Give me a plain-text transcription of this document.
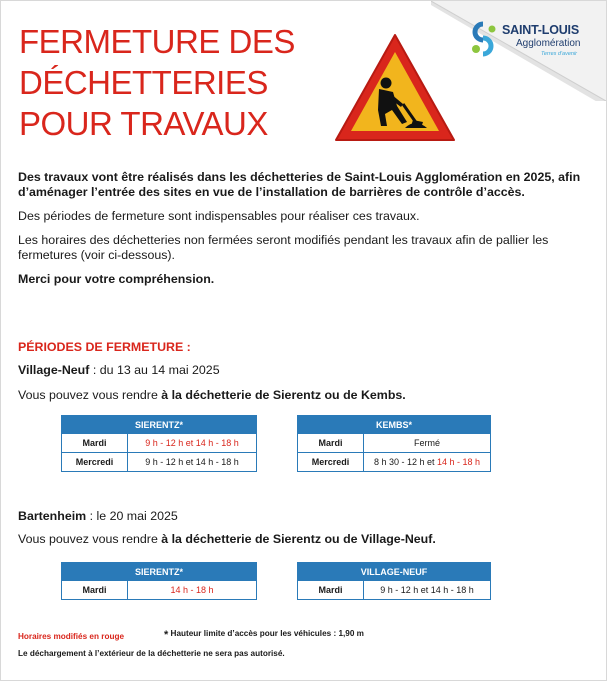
SAINT-LOUIS
Agglomération
Terres d'avenir
FERMETURE DES
DÉCHETTERIES
POUR TRAVAUX

Des travaux vont être réalisés dans les déchetteries de Saint-Louis Agglomération en 2025, afin d’aménager l’entrée des sites en vue de l’installation de barrières de contrôle d’accès.

Des périodes de fermeture sont indispensables pour réaliser ces travaux.

Les horaires des déchetteries non fermées seront modifiés pendant les travaux afin de pallier les fermetures (voir ci-dessous).

Merci pour votre compréhension.

PÉRIODES DE FERMETURE :
Village-Neuf : du 13 au 14 mai 2025
Vous pouvez vous rendre à la déchetterie de Sierentz ou de Kembs.
SIERENTZ*	
Mardi	9 h - 12 h et 14 h - 18 h
Mercredi	9 h - 12 h et 14 h - 18 h
KEMBS*	
Mardi	Fermé
Mercredi	8 h 30 - 12 h et 14 h - 18 h
Bartenheim : le 20 mai 2025
Vous pouvez vous rendre à la déchetterie de Sierentz ou de Village-Neuf.
SIERENTZ*
Mardi	14 h - 18 h
VILLAGE-NEUF
Mardi	9 h - 12 h et 14 h - 18 h
Horaires modifiés en rouge	* Hauteur limite d’accès pour les véhicules : 1,90 m
Le déchargement à l’extérieur de la déchetterie ne sera pas autorisé.
